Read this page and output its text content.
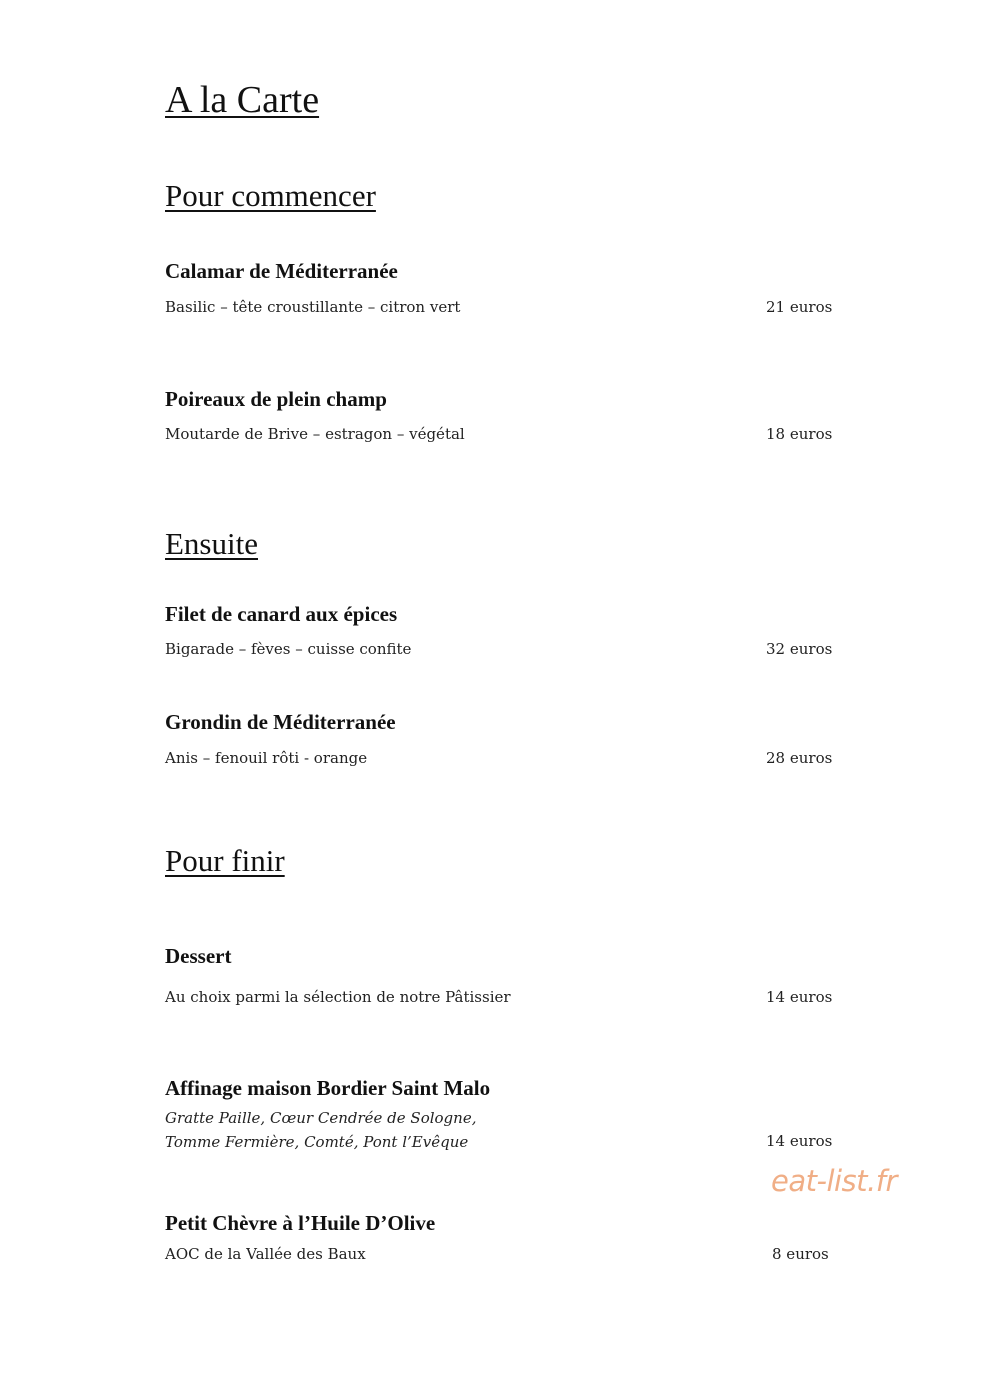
A la Carte
Pour commencer

Calamar de Méditerranée

Basilic – tête croustillante – citron vert	21 euros

Poireaux de plein champ

Moutarde de Brive – estragon – végétal	18 euros

Ensuite

Filet de canard aux épices

Bigarade – fèves – cuisse confite	32 euros

Grondin de Méditerranée

Anis – fenouil rôti - orange	28 euros

Pour finir

Dessert

Au choix parmi la sélection de notre Pâtissier	14 euros

Affinage maison Bordier Saint Malo

Gratte Paille, Cœur Cendrée de Sologne,

Tomme Fermière, Comté, Pont l’Evêque	14 euros

eat-list.fr

Petit Chèvre à l’Huile D’Olive

AOC de la Vallée des Baux	8 euros
